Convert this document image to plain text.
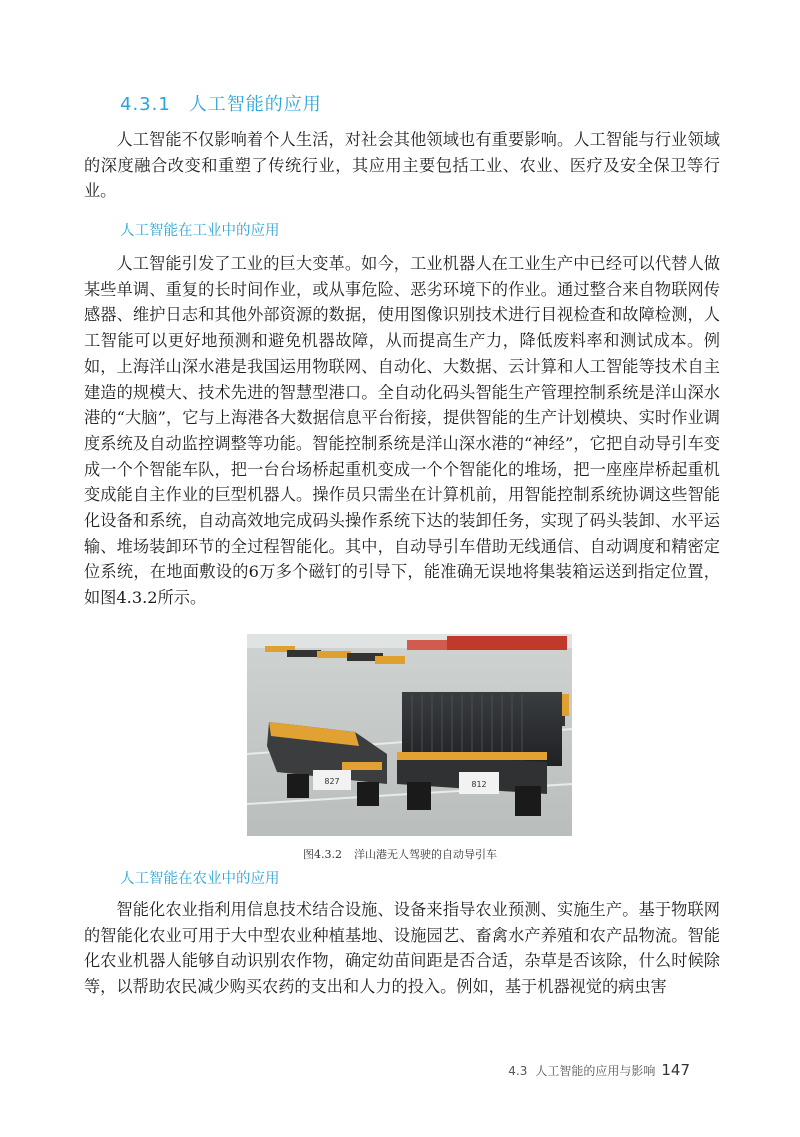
4.3.1 人工智能的应用

人工智能不仅影响着个人生活，对社会其他领域也有重要影响。人工智能与行业领域的深度融合改变和重塑了传统行业，其应用主要包括工业、农业、医疗及安全保卫等行业。

人工智能在工业中的应用

人工智能引发了工业的巨大变革。如今，工业机器人在工业生产中已经可以代替人做某些单调、重复的长时间作业，或从事危险、恶劣环境下的作业。通过整合来自物联网传感器、维护日志和其他外部资源的数据，使用图像识别技术进行目视检查和故障检测，人工智能可以更好地预测和避免机器故障，从而提高生产力，降低废料率和测试成本。例如，上海洋山深水港是我国运用物联网、自动化、大数据、云计算和人工智能等技术自主建造的规模大、技术先进的智慧型港口。全自动化码头智能生产管理控制系统是洋山深水港的“大脑”，它与上海港各大数据信息平台衔接，提供智能的生产计划模块、实时作业调度系统及自动监控调整等功能。智能控制系统是洋山深水港的“神经”，它把自动导引车变成一个个智能车队，把一台台场桥起重机变成一个个智能化的堆场，把一座座岸桥起重机变成能自主作业的巨型机器人。操作员只需坐在计算机前，用智能控制系统协调这些智能化设备和系统，自动高效地完成码头操作系统下达的装卸任务，实现了码头装卸、水平运输、堆场装卸环节的全过程智能化。其中，自动导引车借助无线通信、自动调度和精密定位系统，在地面敷设的6万多个磁钉的引导下，能准确无误地将集装箱运送到指定位置，如图4.3.2所示。

827	812
图4.3.2 洋山港无人驾驶的自动导引车
人工智能在农业中的应用

智能化农业指利用信息技术结合设施、设备来指导农业预测、实施生产。基于物联网的智能化农业可用于大中型农业种植基地、设施园艺、畜禽水产养殖和农产品物流。智能化农业机器人能够自动识别农作物，确定幼苗间距是否合适，杂草是否该除，什么时候除等，以帮助农民减少购买农药的支出和人力的投入。例如，基于机器视觉的病虫害

4.3 人工智能的应用与影响 147
